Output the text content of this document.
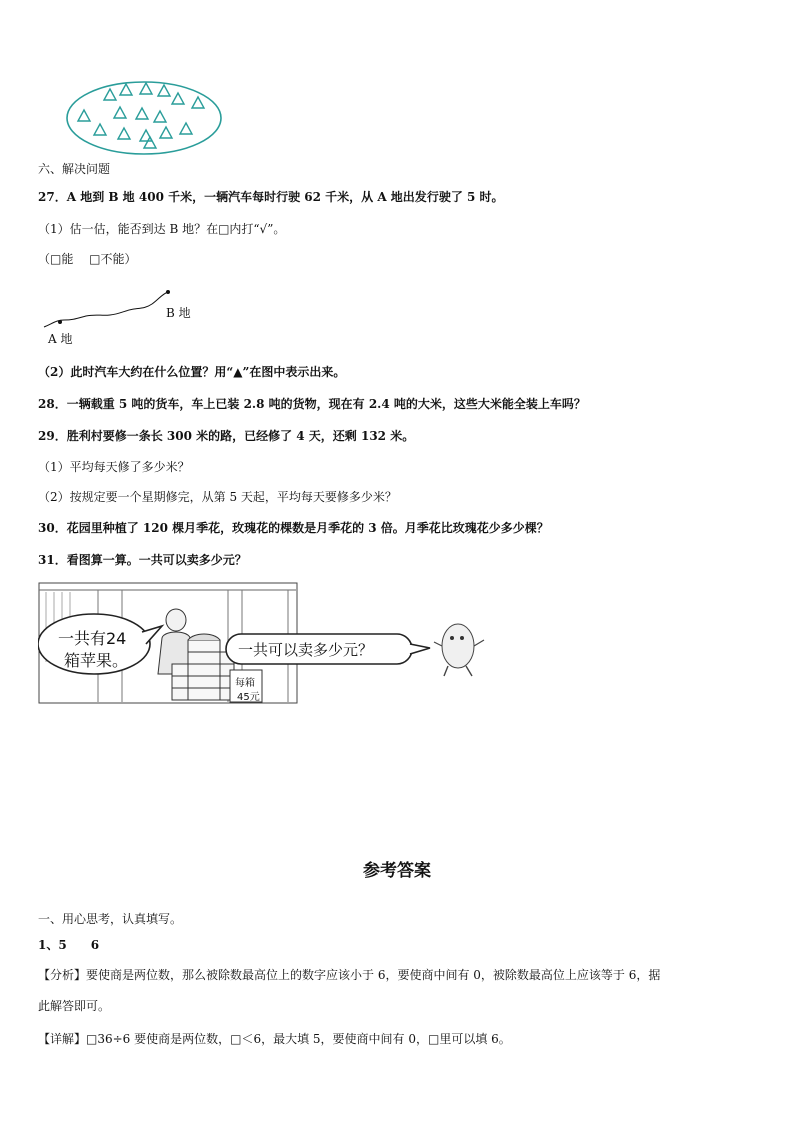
六、解决问题
27．A 地到 B 地 400 千米，一辆汽车每时行驶 62 千米，从 A 地出发行驶了 5 时。
（1）估一估，能否到达 B 地？在□内打“√”。
（□能　 □不能）
B 地
A 地
（2）此时汽车大约在什么位置？用“▲”在图中表示出来。
28．一辆载重 5 吨的货车，车上已装 2.8 吨的货物，现在有 2.4 吨的大米，这些大米能全装上车吗？
29．胜利村要修一条长 300 米的路，已经修了 4 天，还剩 132 米。
（1）平均每天修了多少米？
（2）按规定要一个星期修完，从第 5 天起，平均每天要修多少米？
30．花园里种植了 120 棵月季花，玫瑰花的棵数是月季花的 3 倍。月季花比玫瑰花少多少棵？
31．看图算一算。一共可以卖多少元？
一共有24
箱苹果。
一共可以卖多少元？
每箱
45元
参考答案
一、用心思考，认真填写。
1、5　　6
【分析】要使商是两位数，那么被除数最高位上的数字应该小于 6，要使商中间有 0，被除数最高位上应该等于 6，据
此解答即可。
【详解】□36÷6 要使商是两位数，□＜6，最大填 5，要使商中间有 0，□里可以填 6。
